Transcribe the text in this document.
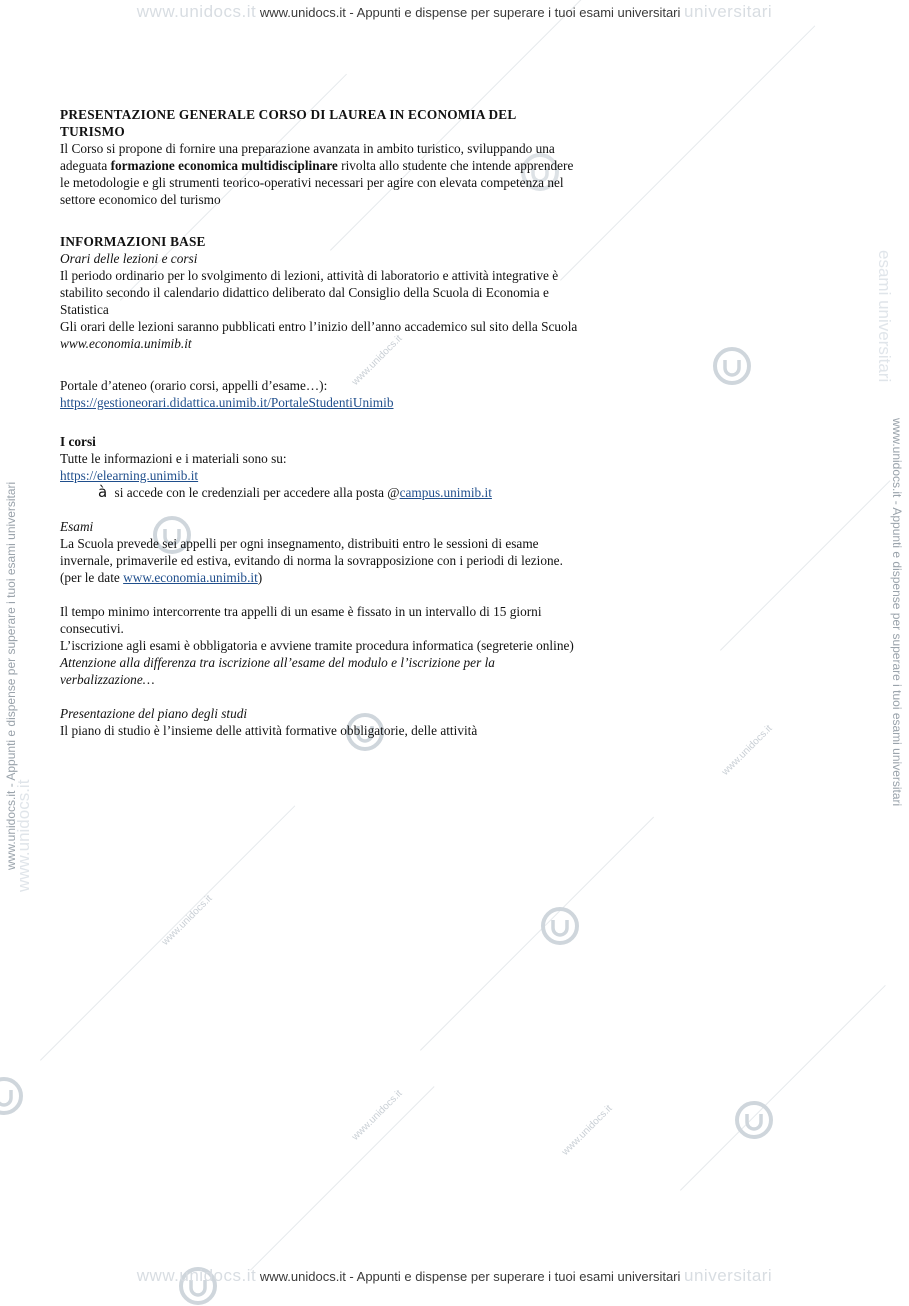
www.unidocs.it
www.unidocs.it
www.unidocs.it
www.unidocs.it
www.unidocs.it
www.unidocs.it www.unidocs.it - Appunti e dispense per superare i tuoi esami universitari universitari
www.unidocs.it www.unidocs.it - Appunti e dispense per superare i tuoi esami universitari universitari
www.unidocs.it - Appunti e dispense per superare i tuoi esami universitari
www.unidocs.it
www.unidocs.it - Appunti e dispense per superare i tuoi esami universitari
esami universitari

PRESENTAZIONE GENERALE CORSO DI LAUREA IN ECONOMIA DEL TURISMO

Il Corso si propone di fornire una preparazione avanzata in ambito turistico, sviluppando una adeguata formazione economica multidisciplinare rivolta allo studente che intende apprendere le metodologie e gli strumenti teorico-operativi necessari per agire con elevata competenza nel settore economico del turismo

INFORMAZIONI BASE

Orari delle lezioni e corsi

Il periodo ordinario per lo svolgimento di lezioni, attività di laboratorio e attività integrative è stabilito secondo il calendario didattico deliberato dal Consiglio della Scuola di Economia e Statistica

Gli orari delle lezioni saranno pubblicati entro l’inizio dell’anno accademico sul sito della Scuola www.economia.unimib.it

Portale d’ateneo (orario corsi, appelli d’esame…):

https://gestioneorari.didattica.unimib.it/PortaleStudentiUnimib

I corsi

Tutte le informazioni e i materiali sono su:

https://elearning.unimib.it

à si accede con le credenziali per accedere alla posta @campus.unimib.it

Esami

La Scuola prevede sei appelli per ogni insegnamento, distribuiti entro le sessioni di esame invernale, primaverile ed estiva, evitando di norma la sovrapposizione con i periodi di lezione. (per le date www.economia.unimib.it)

Il tempo minimo intercorrente tra appelli di un esame è fissato in un intervallo di 15 giorni consecutivi.

L’iscrizione agli esami è obbligatoria e avviene tramite procedura informatica (segreterie online)

Attenzione alla differenza tra iscrizione all’esame del modulo e l’iscrizione per la verbalizzazione…

Presentazione del piano degli studi

Il piano di studio è l’insieme delle attività formative obbligatorie, delle attività
